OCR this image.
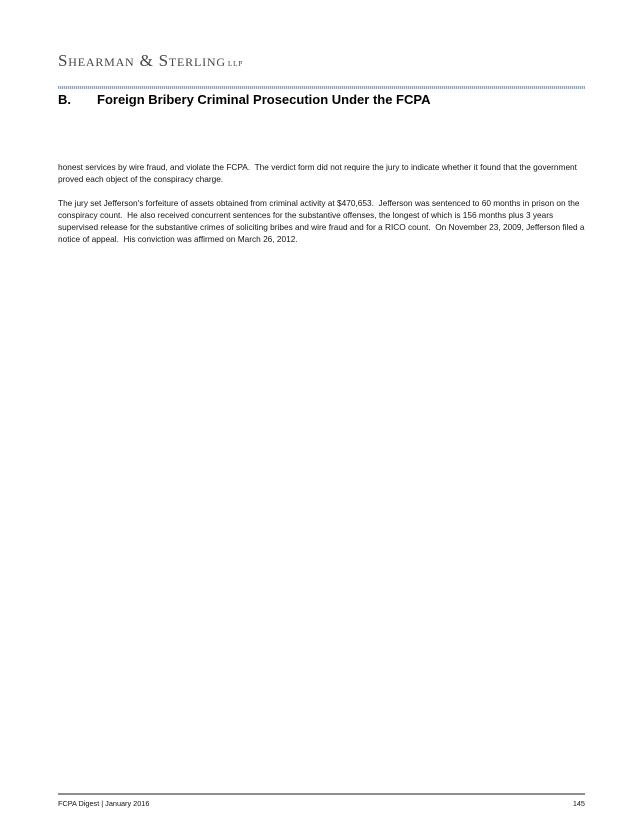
Shearman & Sterling LLP
B.	Foreign Bribery Criminal Prosecution Under the FCPA

honest services by wire fraud, and violate the FCPA.  The verdict form did not require the jury to indicate whether it found that the government proved each object of the conspiracy charge.

The jury set Jefferson's forfeiture of assets obtained from criminal activity at $470,653.  Jefferson was sentenced to 60 months in prison on the conspiracy count.  He also received concurrent sentences for the substantive offenses, the longest of which is 156 months plus 3 years supervised release for the substantive crimes of soliciting bribes and wire fraud and for a RICO count.  On November 23, 2009, Jefferson filed a notice of appeal.  His conviction was affirmed on March 26, 2012.

FCPA Digest | January 2016	145
